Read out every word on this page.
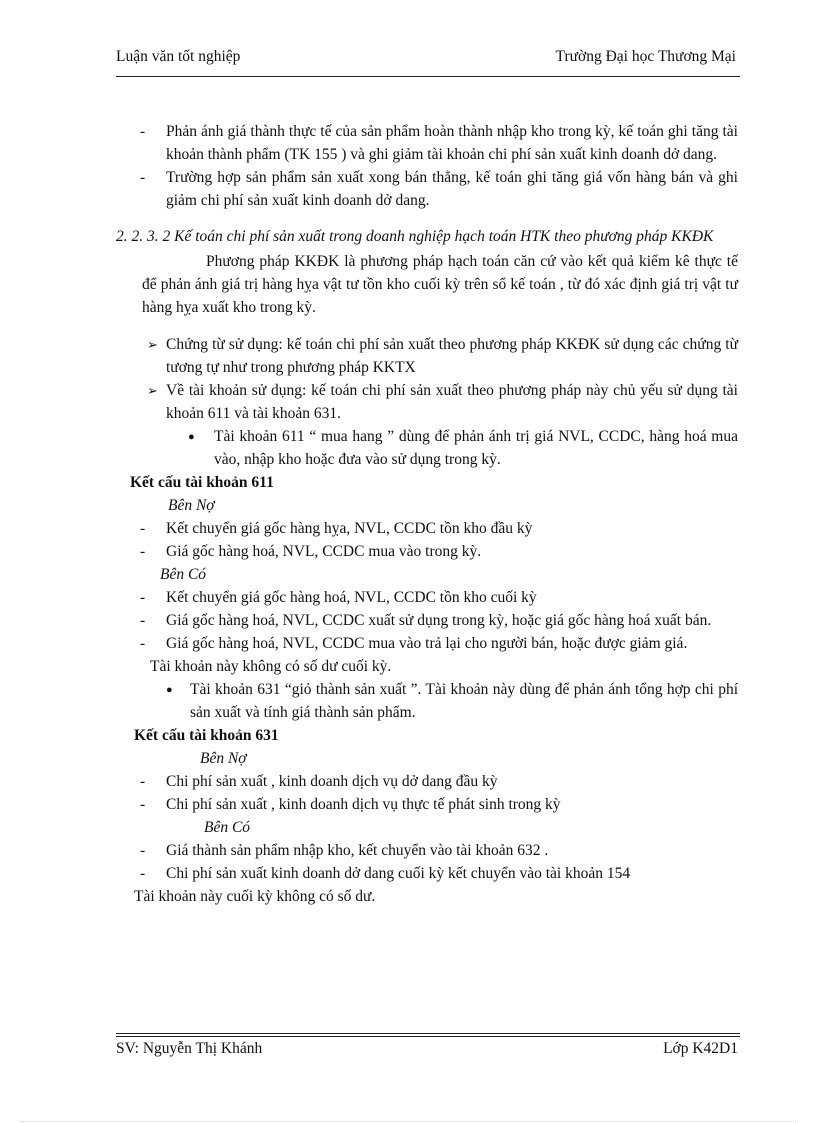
Luận văn tốt nghiệp	Trường Đại học Thương Mại
- Phản ánh giá thành thực tế của sản phẩm hoàn thành nhập kho trong kỳ, kế toán ghi tăng tài khoản thành phẩm (TK 155 ) và ghi giảm tài khoản chi phí sản xuất kinh doanh dở dang.
- Trường hợp sản phẩm sản xuất xong bán thẳng, kế toán ghi tăng giá vốn hàng bán và ghi giảm chi phí sản xuất kinh doanh dở dang.
2. 2. 3. 2 Kế toán chi phí sản xuất trong doanh nghiệp hạch toán HTK theo phương pháp KKĐK
Phương pháp KKĐK là phương pháp hạch toán căn cứ vào kết quả kiểm kê thực tế để phản ánh giá trị hàng hỵa vật tư tồn kho cuối kỳ trên sổ kế toán , từ đó xác định giá trị vật tư hàng hỵa xuất kho trong kỳ.
➢ Chứng từ sử dụng: kế toán chi phí sản xuất theo phương pháp KKĐK sử dụng các chứng từ tương tự như trong phương pháp KKTX
➢ Về tài khoản sử dụng: kế toán chi phí sản xuất theo phương pháp này chủ yếu sử dụng tài khoản 611 và tài khoản 631.
● Tài khoản 611 “ mua hang ” dùng để phản ánh trị giá NVL, CCDC, hàng hoá mua vào, nhập kho hoặc đưa vào sử dụng trong kỳ.
Kết cấu tài khoản 611
Bên Nợ
- Kết chuyển giá gốc hàng hỵa, NVL, CCDC tồn kho đầu kỳ
- Giá gốc hàng hoá, NVL, CCDC mua vào trong kỳ.
Bên Có
- Kết chuyển giá gốc hàng hoá, NVL, CCDC tồn kho cuối kỳ
- Giá gốc hàng hoá, NVL, CCDC xuất sử dụng trong kỳ, hoặc giá gốc hàng hoá xuất bán.
- Giá gốc hàng hoá, NVL, CCDC mua vào trả lại cho người bán, hoặc được giảm giá.
Tài khoản này không có số dư cuối kỳ.
● Tài khoản 631 “giỏ thành sản xuất ”. Tài khoản này dùng để phản ánh tổng hợp chi phí sản xuất và tính giá thành sản phẩm.
Kết cấu tài khoản 631
Bên Nợ
- Chi phí sản xuất , kinh doanh dịch vụ dở dang đầu kỳ
- Chi phí sản xuất , kinh doanh dịch vụ thực tế phát sinh trong kỳ
Bên Có
- Giá thành sản phẩm nhập kho, kết chuyển vào tài khoản 632 .
- Chi phí sản xuất kinh doanh dở dang cuối kỳ kết chuyển vào tài khoản 154
Tài khoản này cuối kỳ không có số dư.
SV: Nguyễn Thị Khánh	Lớp K42D1
